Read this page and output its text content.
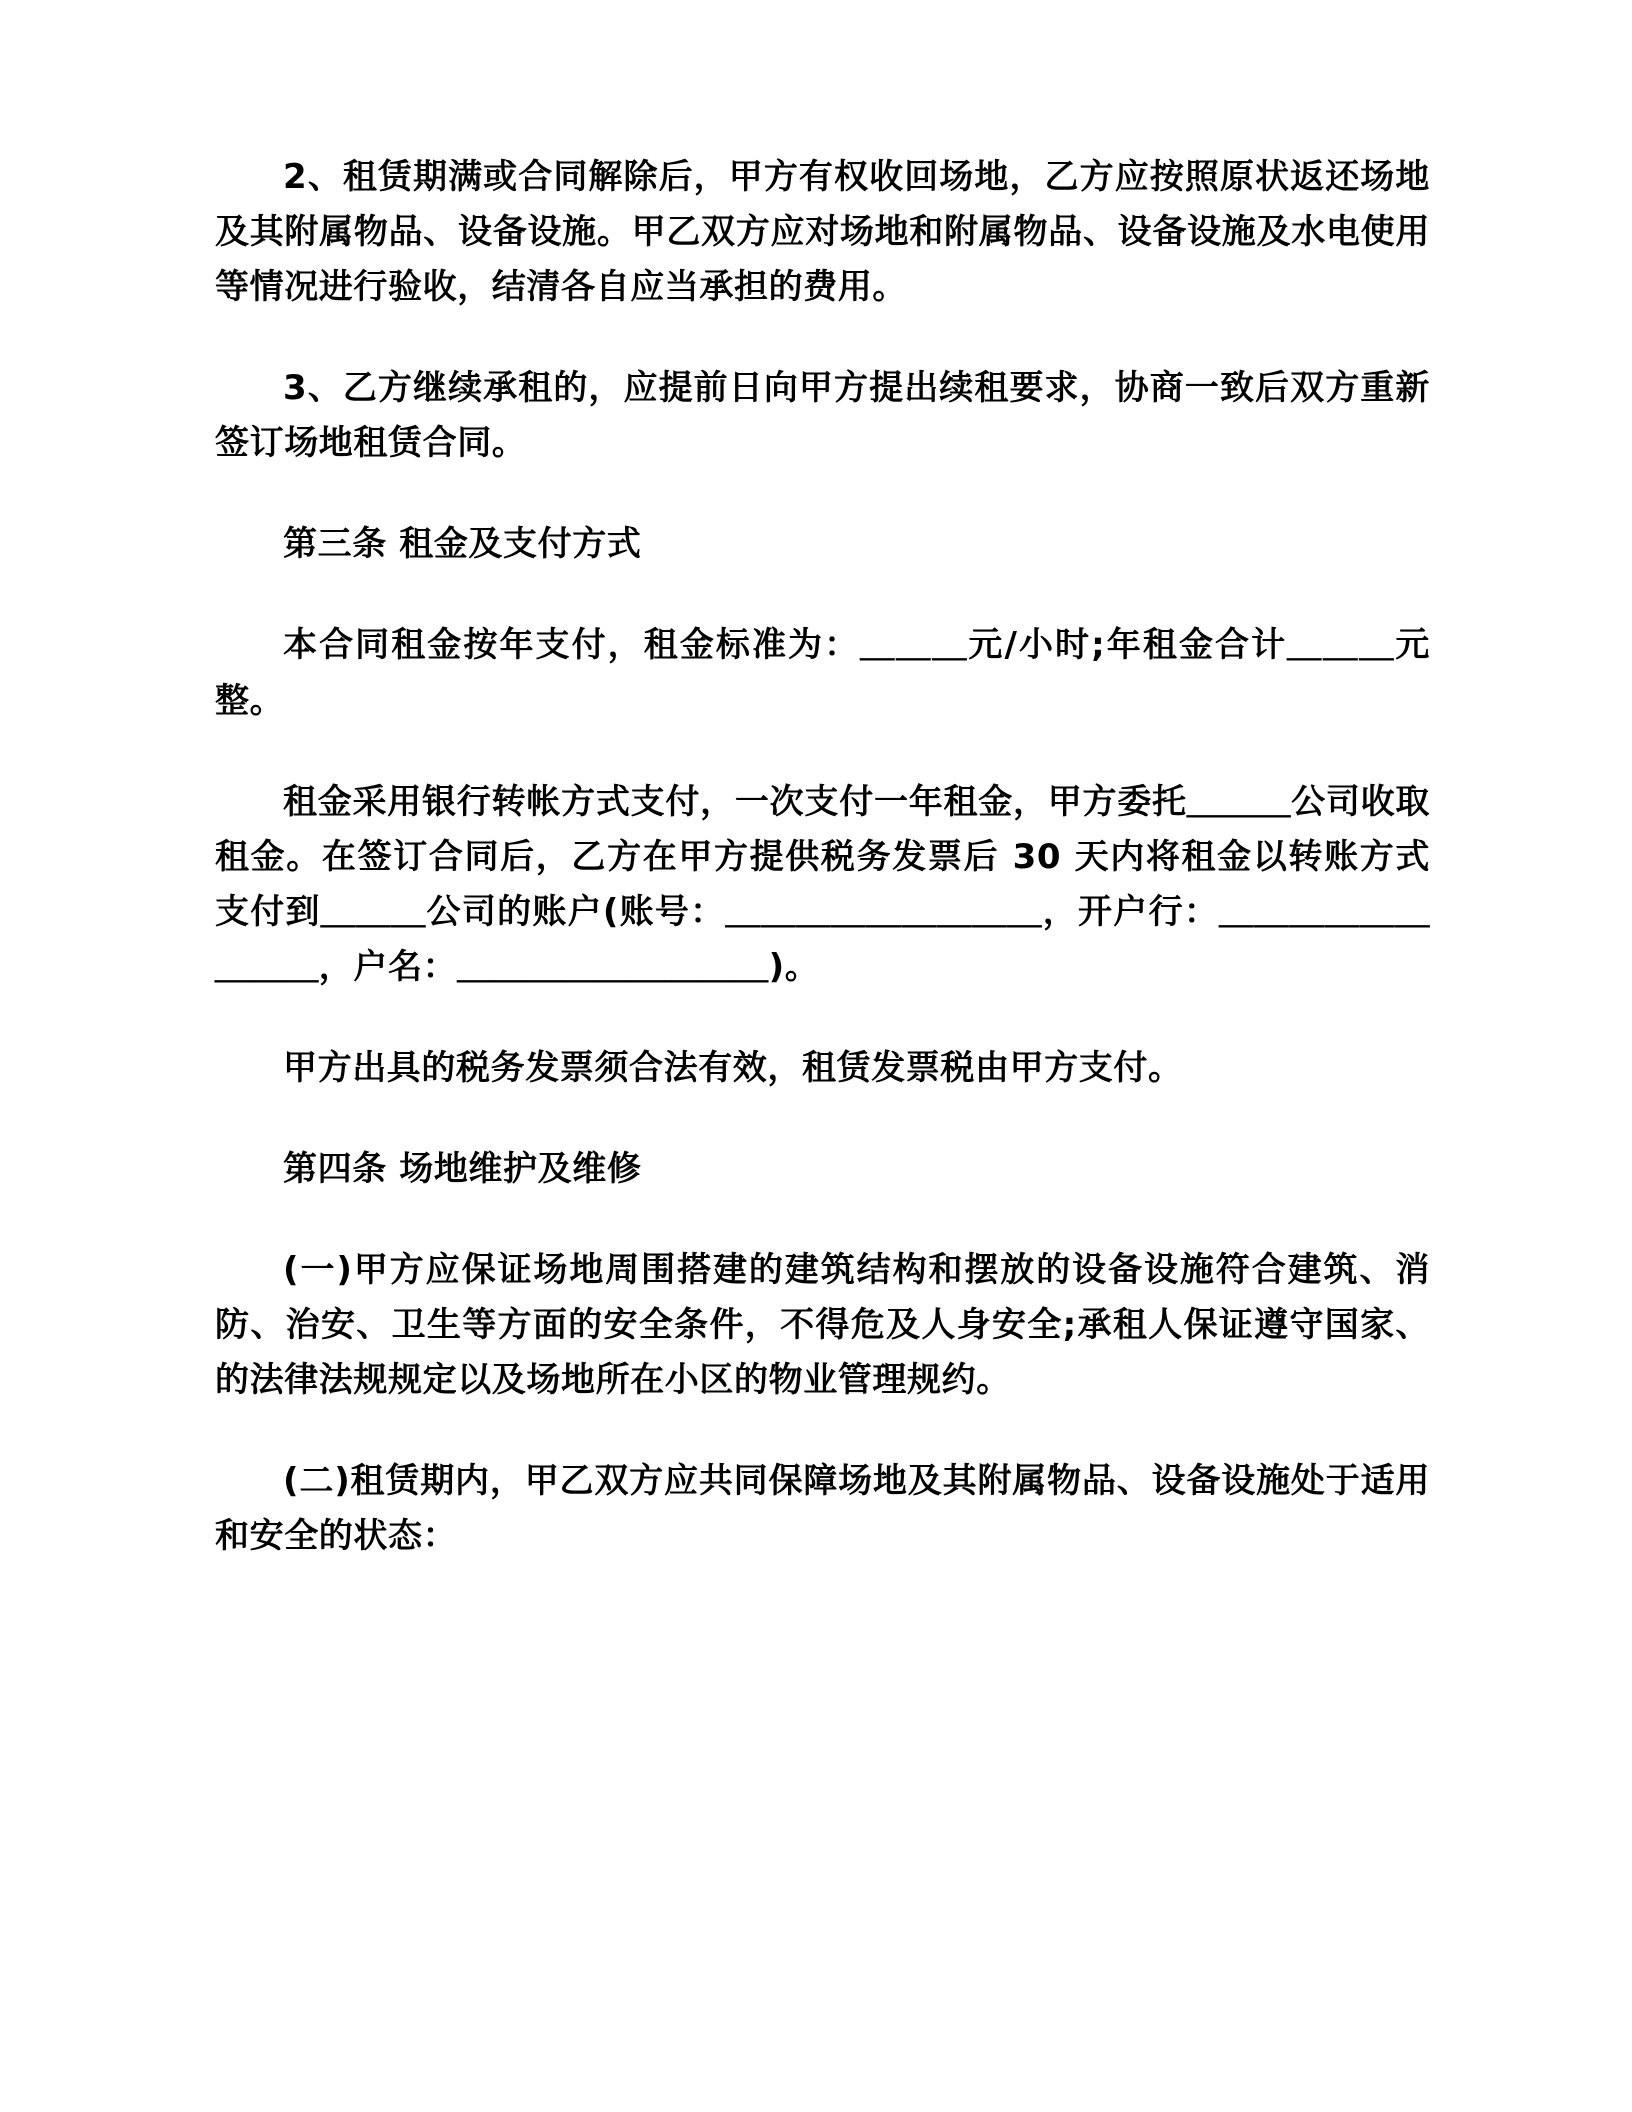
2、租赁期满或合同解除后，甲方有权收回场地，乙方应按照原状返还场地及其附属物品、设备设施。甲乙双方应对场地和附属物品、设备设施及水电使用等情况进行验收，结清各自应当承担的费用。

3、乙方继续承租的，应提前日向甲方提出续租要求，协商一致后双方重新签订场地租赁合同。

第三条 租金及支付方式

本合同租金按年支付，租金标准为：＿＿＿元/小时;年租金合计＿＿＿元整。

租金采用银行转帐方式支付，一次支付一年租金，甲方委托＿＿＿公司收取租金。在签订合同后，乙方在甲方提供税务发票后 30 天内将租金以转账方式支付到＿＿＿公司的账户(账号：＿＿＿＿＿＿＿＿＿，开户行：＿＿＿＿＿＿＿＿＿，户名：＿＿＿＿＿＿＿＿＿)。

甲方出具的税务发票须合法有效，租赁发票税由甲方支付。

第四条 场地维护及维修

(一)甲方应保证场地周围搭建的建筑结构和摆放的设备设施符合建筑、消防、治安、卫生等方面的安全条件，不得危及人身安全;承租人保证遵守国家、的法律法规规定以及场地所在小区的物业管理规约。

(二)租赁期内，甲乙双方应共同保障场地及其附属物品、设备设施处于适用和安全的状态：
